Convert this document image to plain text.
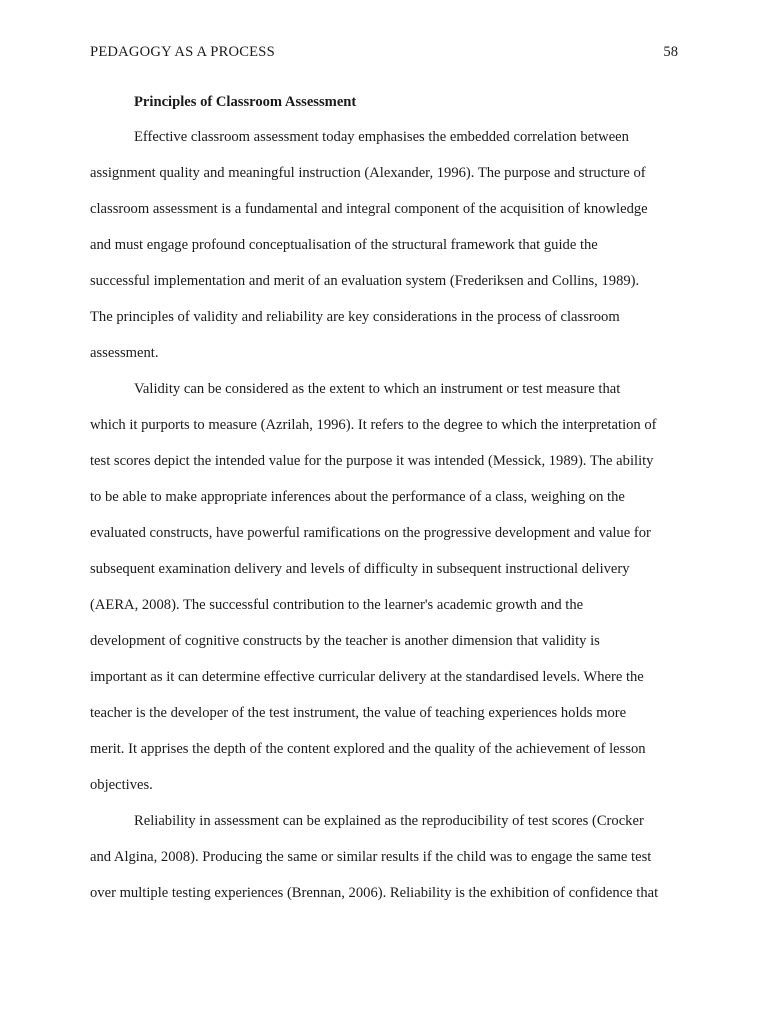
PEDAGOGY AS A PROCESS	58
Principles of Classroom Assessment
Effective classroom assessment today emphasises the embedded correlation between
assignment quality and meaningful instruction (Alexander, 1996). The purpose and structure of
classroom assessment is a fundamental and integral component of the acquisition of knowledge
and must engage profound conceptualisation of the structural framework that guide the
successful implementation and merit of an evaluation system (Frederiksen and Collins, 1989).
The principles of validity and reliability are key considerations in the process of classroom
assessment.
Validity can be considered as the extent to which an instrument or test measure that
which it purports to measure (Azrilah, 1996). It refers to the degree to which the interpretation of
test scores depict the intended value for the purpose it was intended (Messick, 1989). The ability
to be able to make appropriate inferences about the performance of a class, weighing on the
evaluated constructs, have powerful ramifications on the progressive development and value for
subsequent examination delivery and levels of difficulty in subsequent instructional delivery
(AERA, 2008). The successful contribution to the learner's academic growth and the
development of cognitive constructs by the teacher is another dimension that validity is
important as it can determine effective curricular delivery at the standardised levels. Where the
teacher is the developer of the test instrument, the value of teaching experiences holds more
merit. It apprises the depth of the content explored and the quality of the achievement of lesson
objectives.
Reliability in assessment can be explained as the reproducibility of test scores (Crocker
and Algina, 2008). Producing the same or similar results if the child was to engage the same test
over multiple testing experiences (Brennan, 2006). Reliability is the exhibition of confidence that
